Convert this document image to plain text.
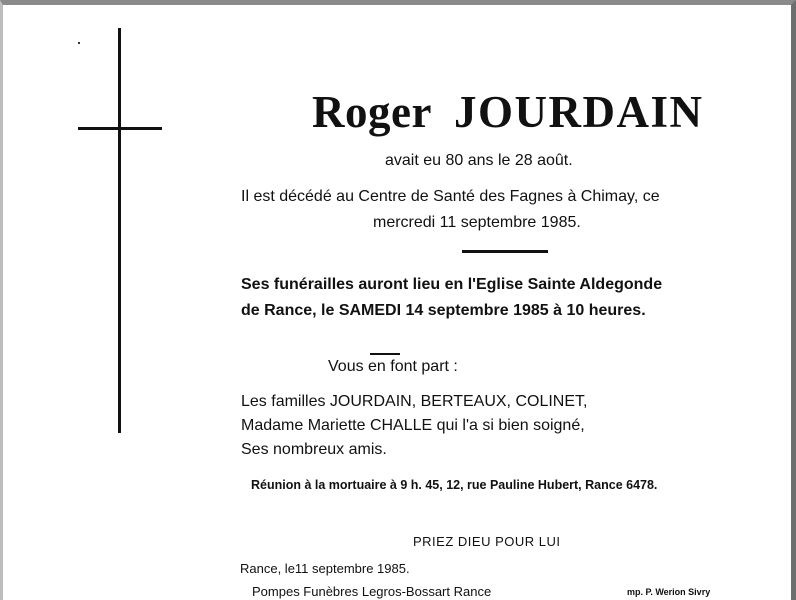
Roger JOURDAIN
avait eu 80 ans le 28 août.
Il est décédé au Centre de Santé des Fagnes à Chimay, ce
mercredi 11 septembre 1985.
Ses funérailles auront lieu en l'Eglise Sainte Aldegonde
de Rance, le SAMEDI 14 septembre 1985 à 10 heures.
Vous en font part :
Les familles JOURDAIN, BERTEAUX, COLINET,
Madame Mariette CHALLE qui l'a si bien soigné,
Ses nombreux amis.
Réunion à la mortuaire à 9 h. 45, 12, rue Pauline Hubert, Rance 6478.
PRIEZ DIEU POUR LUI
Rance, le11 septembre 1985.
Pompes Funèbres Legros-Bossart Rance	mp. P. Werion Sivry
